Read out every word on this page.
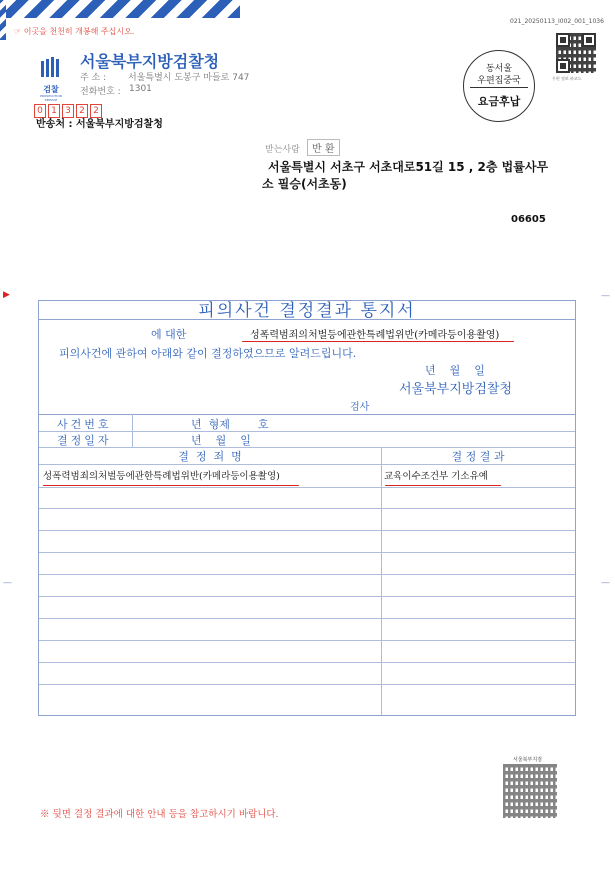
☞ 이곳을 천천히 개봉해 주십시오.
021_20250113_I002_001_1036
검찰
PROSECUTION SERVICE
서울북부지방검찰청
주 소 : 서울특별시 도봉구 마들로 747
전화번호 : 1301
0 1 3 2 2
반송처 : 서울북부지방검찰청
동서울
우편집중국
요금후납
우편 정보 바코드
받는사람	반 환
서울특별시 서초구 서초대로51길 15 , 2층 법률사무
소 필승(서초동)
06605
▶	—
—	—
피의사건 결정결과 통지서
에 대한	성폭력범죄의처벌등에관한특례법위반(카메라등이용촬영)
피의사건에 관하여 아래와 같이 결정하였으므로 알려드립니다.
년    월    일
서울북부지방검찰청
검사
사건번호	년  형제        호
결정일자	년    월    일
결  정  죄  명	결 정 결 과
성폭력범죄의처벌등에관한특례법위반(카메라등이용촬영)	교육이수조건부 기소유예
※ 뒷면 결정 결과에 대한 안내 등을 참고하시기 바랍니다.
서울북부지검
